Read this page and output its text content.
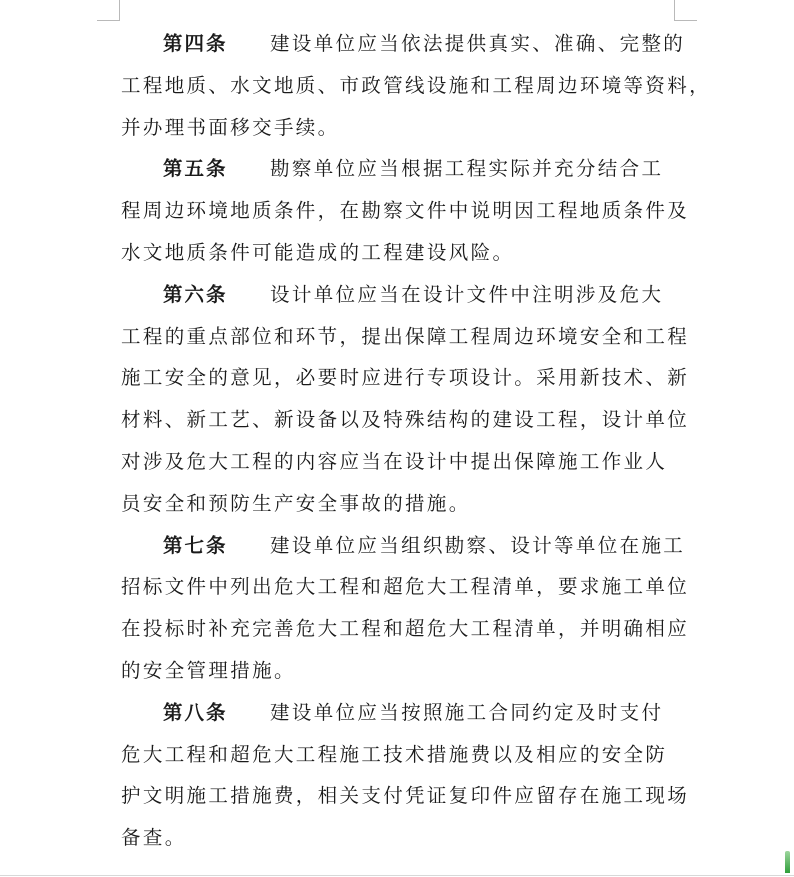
第四条 建设单位应当依法提供真实、准确、完整的
工程地质、水文地质、市政管线设施和工程周边环境等资料，
并办理书面移交手续。
第五条 勘察单位应当根据工程实际并充分结合工
程周边环境地质条件，在勘察文件中说明因工程地质条件及
水文地质条件可能造成的工程建设风险。
第六条 设计单位应当在设计文件中注明涉及危大
工程的重点部位和环节，提出保障工程周边环境安全和工程
施工安全的意见，必要时应进行专项设计。采用新技术、新
材料、新工艺、新设备以及特殊结构的建设工程，设计单位
对涉及危大工程的内容应当在设计中提出保障施工作业人
员安全和预防生产安全事故的措施。
第七条 建设单位应当组织勘察、设计等单位在施工
招标文件中列出危大工程和超危大工程清单，要求施工单位
在投标时补充完善危大工程和超危大工程清单，并明确相应
的安全管理措施。
第八条 建设单位应当按照施工合同约定及时支付
危大工程和超危大工程施工技术措施费以及相应的安全防
护文明施工措施费，相关支付凭证复印件应留存在施工现场
备查。
